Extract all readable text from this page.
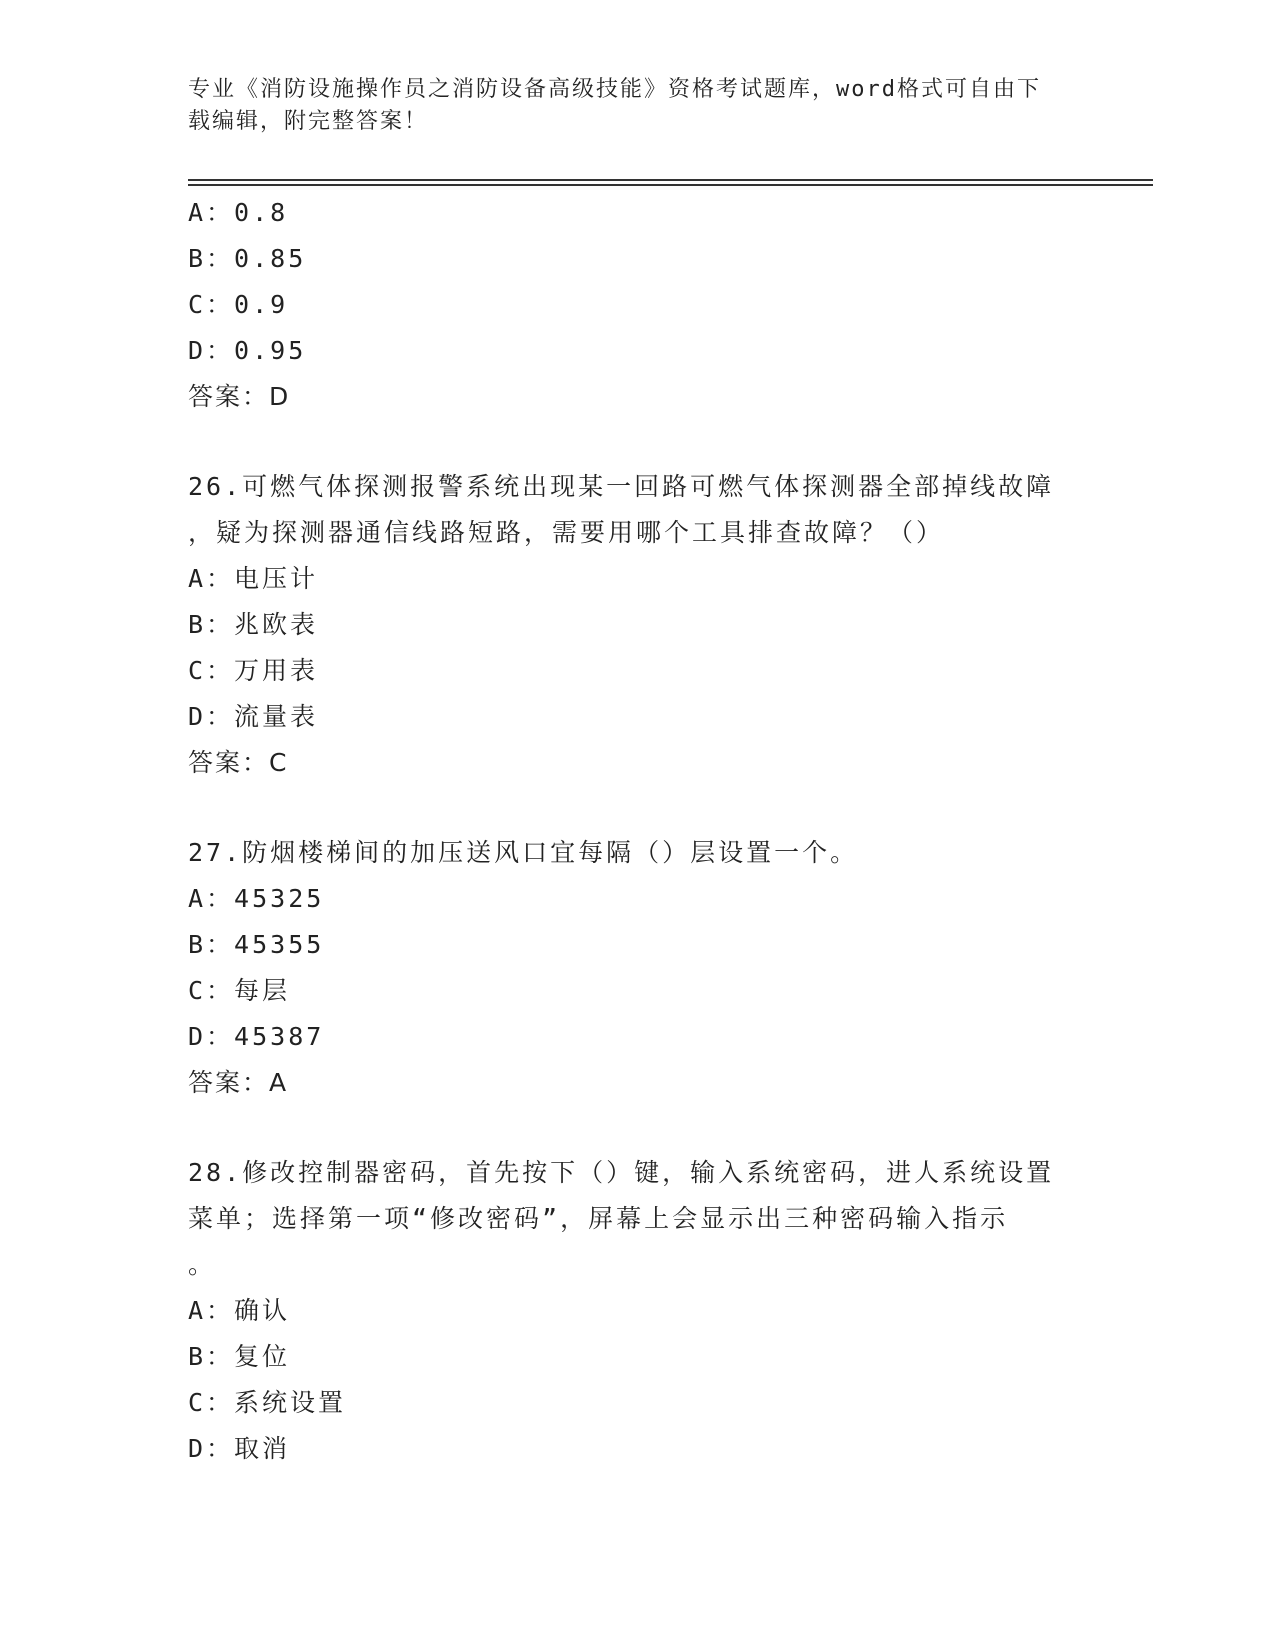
专业《消防设施操作员之消防设备高级技能》资格考试题库，word格式可自由下
载编辑，附完整答案！
A：0.8
B：0.85
C：0.9
D：0.95
答案：D
26.可燃气体探测报警系统出现某一回路可燃气体探测器全部掉线故障
，疑为探测器通信线路短路，需要用哪个工具排查故障？（）
A：电压计
B：兆欧表
C：万用表
D：流量表
答案：C
27.防烟楼梯间的加压送风口宜每隔（）层设置一个。
A：45325
B：45355
C：每层
D：45387
答案：A
28.修改控制器密码，首先按下（）键，输入系统密码，进人系统设置
菜单；选择第一项“修改密码”，屏幕上会显示出三种密码输入指示
。
A：确认
B：复位
C：系统设置
D：取消
